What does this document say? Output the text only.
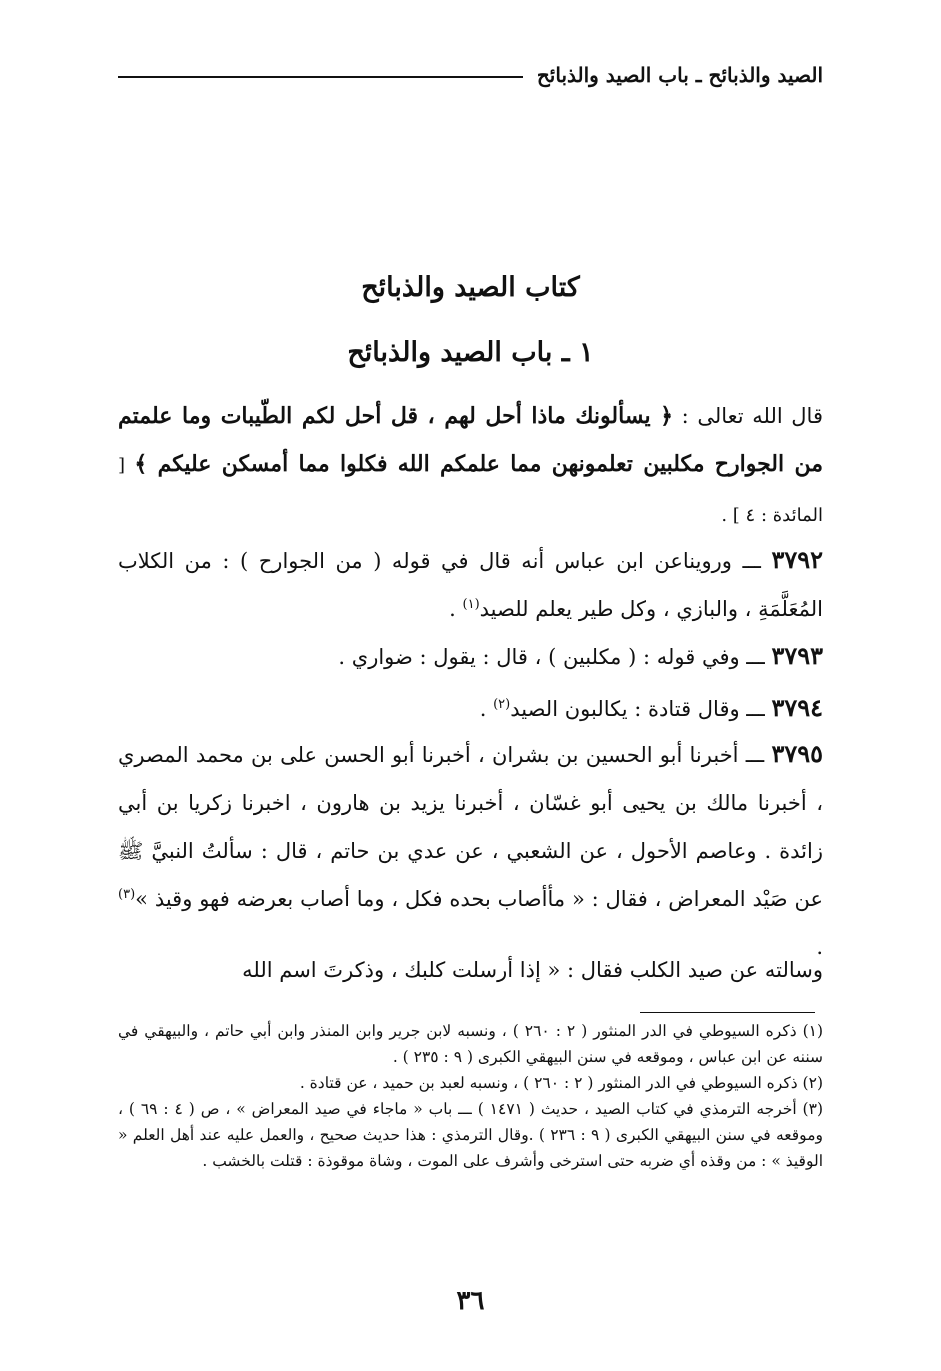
الصيد والذبائح ـ باب الصيد والذبائح
كتاب الصيد والذبائح
١ ـ باب الصيد والذبائح
قال الله تعالى : ﴿ يسألونك ماذا أحل لهم ، قل أحل لكم الطّيبات وما علمتم من الجوارح مكلبين تعلمونهن مما علمكم الله فكلوا مما أمسكن عليكم ﴾ [ المائدة : ٤ ] .
٣٧٩٢ ـــ ورويناعن ابن عباس أنه قال في قوله ( من الجوارح ) : من الكلاب المُعَلَّمَةِ ، والبازي ، وكل طير يعلم للصيد$^{(١)}$ .
٣٧٩٣ ـــ وفي قوله : ( مكلبين ) ، قال : يقول : ضواري .
٣٧٩٤ ـــ وقال قتادة : يكالبون الصيد$^{(٢)}$ .
٣٧٩٥ ـــ أخبرنا أبو الحسين بن بشران ، أخبرنا أبو الحسن على بن محمد المصري ، أخبرنا مالك بن يحيى أبو غسّان ، أخبرنا يزيد بن هارون ، اخبرنا زكريا بن أبي زائدة . وعاصم الأحول ، عن الشعبي ، عن عدي بن حاتم ، قال : سألتُ النبيَّ ﷺ عن صَيْد المعراض ، فقال : « مأأصاب بحده فكل ، وما أصاب بعرضه فهو وقيذ »$^{(٣)}$ .
وسالته عن صيد الكلب فقال : « إذا أرسلت كلبك ، وذكرتَ اسم الله

(١) ذكره السيوطي في الدر المنثور ( ٢ : ٢٦٠ ) ، ونسبه لابن جرير وابن المنذر وابن أبي حاتم ، والبيهقي في سننه عن ابن عباس ، وموقعه في سنن البيهقي الكبرى ( ٩ : ٢٣٥ ) .

(٢) ذكره السيوطي في الدر المنثور ( ٢ : ٢٦٠ ) ، ونسبه لعبد بن حميد ، عن قتادة .

(٣) أخرجه الترمذي في كتاب الصيد ، حديث ( ١٤٧١ ) ـــ باب « ماجاء في صيد المعراض » ، ص ( ٤ : ٦٩ ) ، وموقعه في سنن البيهقي الكبرى ( ٩ : ٢٣٦ ) .وقال الترمذي : هذا حديث صحيح ، والعمل عليه عند أهل العلم « الوقيذ » : من وقذه أي ضربه حتى استرخى وأشرف على الموت ، وشاة موقوذة : قتلت بالخشب .

٣٦
